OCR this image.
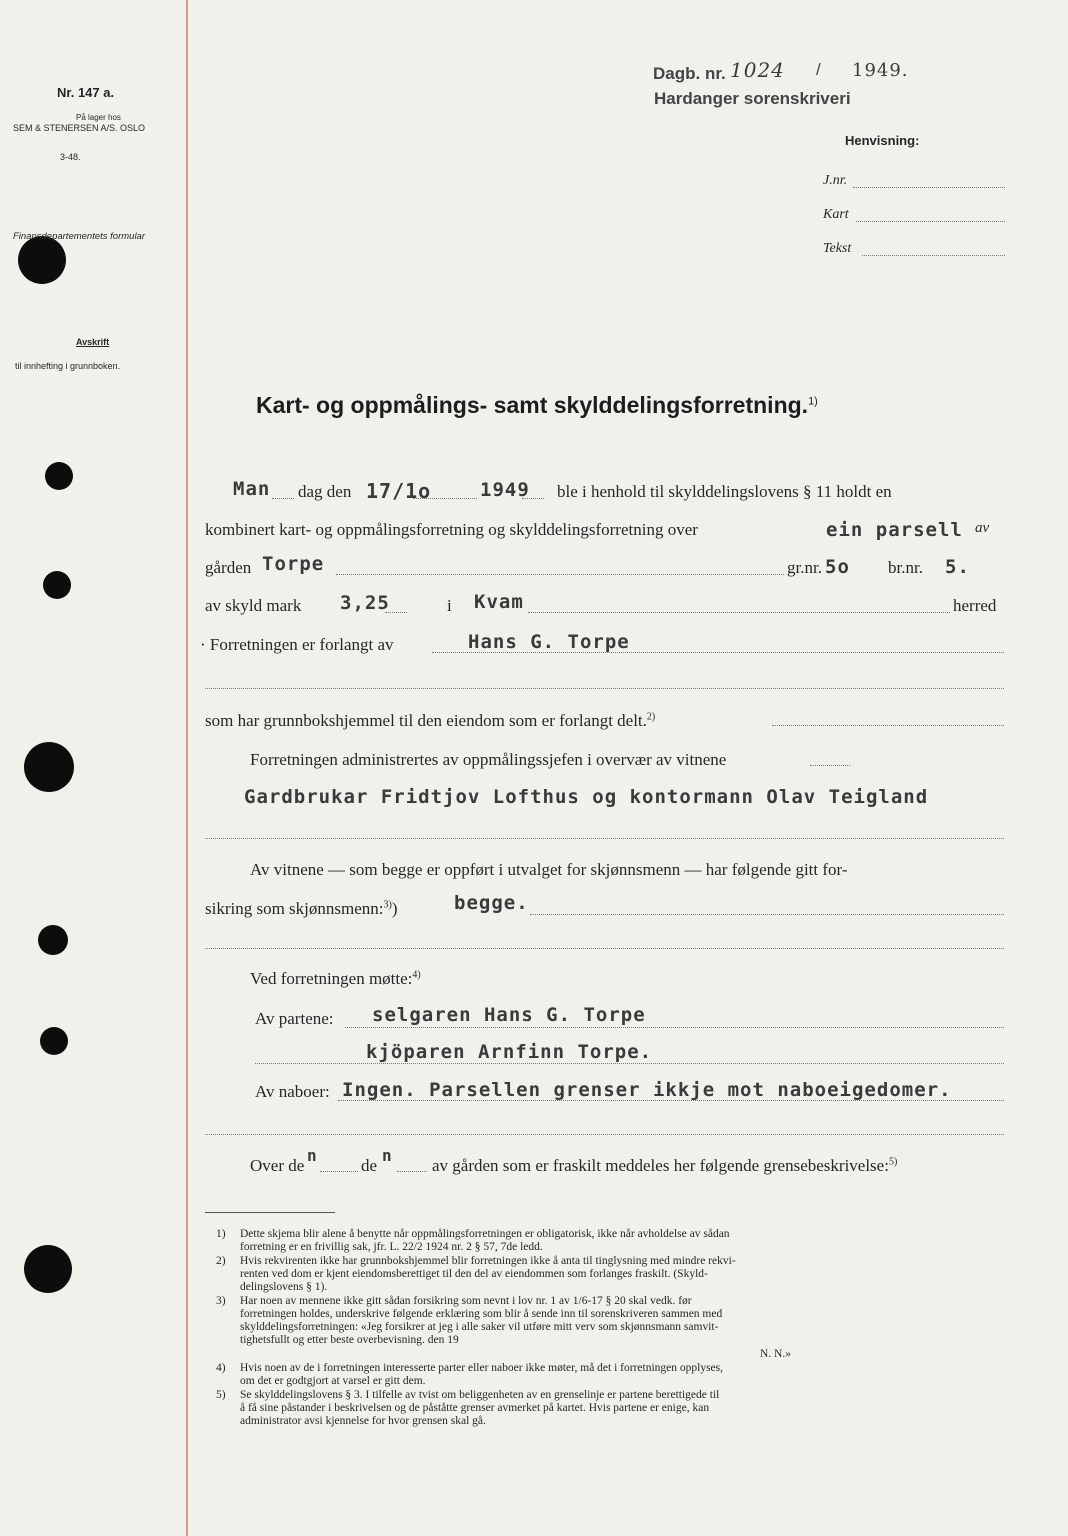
Nr. 147 a.
På lager hos
SEM & STENERSEN A/S. OSLO
3-48.
Finansdepartementets formular
Avskrift
til innhefting i grunnboken.
Dagb. nr. 1024 / 1949.
Hardanger sorenskriveri
Henvisning:
J.nr.
Kart
Tekst
Kart- og oppmålings- samt skylddelingsforretning.$^{1)}$
Man dag den 17/1o	1949 ble i henhold til skylddelingslovens § 11 holdt en
kombinert kart- og oppmålingsforretning og skylddelingsforretning over	ein parsell av
gården Torpe	gr.nr. 5o br.nr. 5.
av skyld mark 3,25	i Kvam	herred
· Forretningen er forlangt av	Hans G. Torpe
som har grunnbokshjemmel til den eiendom som er forlangt delt.$^{2)}$
Forretningen administrertes av oppmålingssjefen i overvær av vitnene
Gardbrukar Fridtjov Lofthus og kontormann Olav Teigland
Av vitnene — som begge er oppført i utvalget for skjønnsmenn — har følgende gitt for-
sikring som skjønnsmenn:$^{3)}$)	begge.
Ved forretningen møtte:$^{4)}$
Av partene: selgaren Hans G. Torpe
kjöparen Arnfinn Torpe.
Av naboer: Ingen. Parsellen grenser ikkje mot naboeigedomer.
Over de
n
de
n
av gården som er fraskilt meddeles her følgende grensebeskrivelse:$^{5)}$
1) Dette skjema blir alene å benytte når oppmålingsforretningen er obligatorisk, ikke når avholdelse av sådan
forretning er en frivillig sak, jfr. L. 22/2 1924 nr. 2 § 57, 7de ledd.
2) Hvis rekvirenten ikke har grunnbokshjemmel blir forretningen ikke å anta til tinglysning med mindre rekvi-
renten ved dom er kjent eiendomsberettiget til den del av eiendommen som forlanges fraskilt. (Skyld-
delingslovens § 1).
3) Har noen av mennene ikke gitt sådan forsikring som nevnt i lov nr. 1 av 1/6-17 § 20 skal vedk. før
forretningen holdes, underskrive følgende erklæring som blir å sende inn til sorenskriveren sammen med
skylddelingsforretningen: «Jeg forsikrer at jeg i alle saker vil utføre mitt verv som skjønnsmann samvit-
tighetsfullt og etter beste overbevisning. den 19
N. N.»
4) Hvis noen av de i forretningen interesserte parter eller naboer ikke møter, må det i forretningen opplyses,
om det er godtgjort at varsel er gitt dem.
5) Se skylddelingslovens § 3. I tilfelle av tvist om beliggenheten av en grenselinje er partene berettigede til
å få sine påstander i beskrivelsen og de påståtte grenser avmerket på kartet. Hvis partene er enige, kan
administrator avsi kjennelse for hvor grensen skal gå.
